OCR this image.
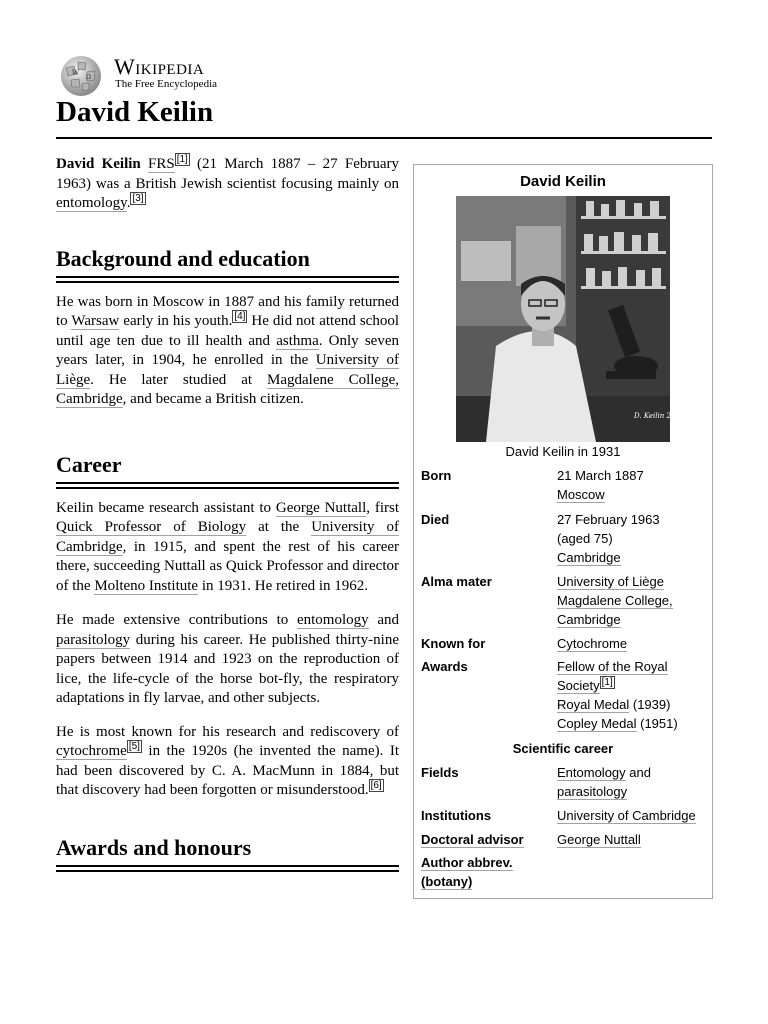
W
Ω Wikipedia
The Free Encyclopedia
David Keilin

David Keilin FRS [1] (21 March 1887 – 27 February 1963) was a British Jewish scientist focusing mainly on entomology. [3]

Background and education

He was born in Moscow in 1887 and his family returned to Warsaw early in his youth. [4] He did not attend school until age ten due to ill health and asthma. Only seven years later, in 1904, he enrolled in the University of Liège. He later studied at Magdalene College, Cambridge, and became a British citizen.

Career

Keilin became research assistant to George Nuttall, first Quick Professor of Biology at the University of Cambridge, in 1915, and spent the rest of his career there, succeeding Nuttall as Quick Professor and director of the Molteno Institute in 1931. He retired in 1962.

He made extensive contributions to entomology and parasitology during his career. He published thirty-nine papers between 1914 and 1923 on the reproduction of lice, the life-cycle of the horse bot-fly, the respiratory adaptations in fly larvae, and other subjects.

He is most known for his research and rediscovery of cytochrome [5] in the 1920s (he invented the name). It had been discovered by C. A. MacMunn in 1884, but that discovery had been forgotten or misunderstood. [6]

Awards and honours
David Keilin
D. Keilin 27.8.31.
David Keilin in 1931
Born	21 March 1887
Moscow
Died	27 February 1963
(aged 75)
Cambridge
Alma mater	University of Liège
Magdalene College, Cambridge
Known for	Cytochrome
Awards	Fellow of the Royal Society [1]
Royal Medal (1939)
Copley Medal (1951)
Scientific career
Fields	Entomology and
parasitology
Institutions	University of Cambridge
Doctoral advisor	George Nuttall
Author abbrev. (botany)
